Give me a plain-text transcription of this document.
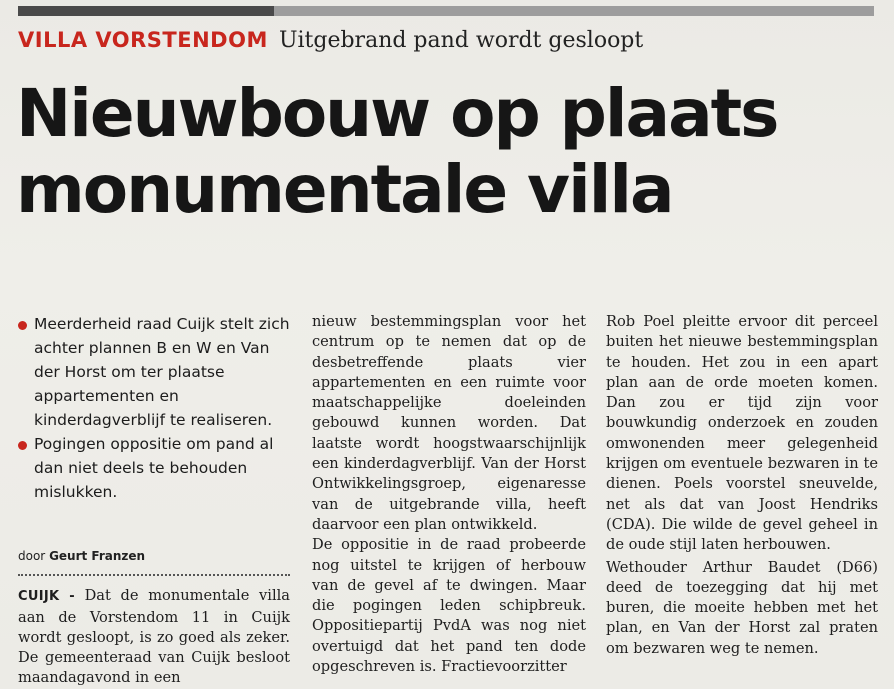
VILLA VORSTENDOM Uitgebrand pand wordt gesloopt
Nieuwbouw op plaats
monumentale villa
Meerderheid raad Cuijk stelt zich achter plannen B en W en Van der Horst om ter plaatse appartementen en kinderdagverblijf te realiseren.
Pogingen oppositie om pand al dan niet deels te behouden mislukken.
door Geurt Franzen

CUIJK - Dat de monumentale villa aan de Vorstendom 11 in Cuijk wordt gesloopt, is zo goed als zeker. De gemeenteraad van Cuijk besloot maandagavond in een

nieuw bestemmingsplan voor het centrum op te nemen dat op de desbetreffende plaats vier appartementen en een ruimte voor maatschappelijke doeleinden gebouwd kunnen worden. Dat laatste wordt hoogstwaarschijnlijk een kinderdagverblijf. Van der Horst Ontwikkelingsgroep, eigenaresse van de uitgebrande villa, heeft daarvoor een plan ontwikkeld.

De oppositie in de raad probeerde nog uitstel te krijgen of herbouw van de gevel af te dwingen. Maar die pogingen leden schipbreuk. Oppositiepartij PvdA was nog niet overtuigd dat het pand ten dode opgeschreven is. Fractievoorzitter

Rob Poel pleitte ervoor dit perceel buiten het nieuwe bestemmingsplan te houden. Het zou in een apart plan aan de orde moeten komen. Dan zou er tijd zijn voor bouwkundig onderzoek en zouden omwonenden meer gelegenheid krijgen om eventuele bezwaren in te dienen. Poels voorstel sneuvelde, net als dat van Joost Hendriks (CDA). Die wilde de gevel geheel in de oude stijl laten herbouwen.

Wethouder Arthur Baudet (D66) deed de toezegging dat hij met buren, die moeite hebben met het plan, en Van der Horst zal praten om bezwaren weg te nemen.
